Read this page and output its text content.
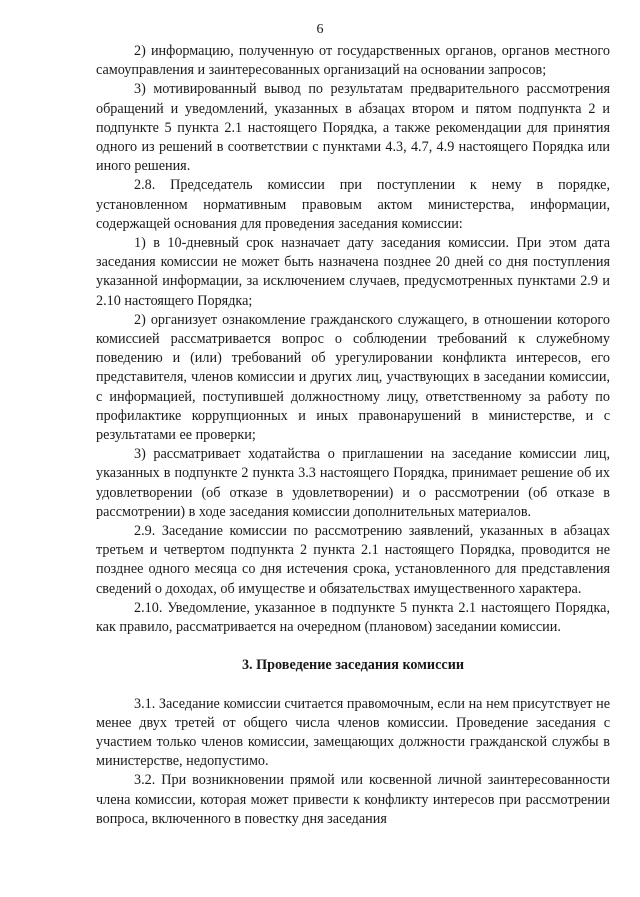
6

2) информацию, полученную от государственных органов, органов местного самоуправления и заинтересованных организаций на основании запросов;

3) мотивированный вывод по результатам предварительного рассмотрения обращений и уведомлений, указанных в абзацах втором и пятом подпункта 2 и подпункте 5 пункта 2.1 настоящего Порядка, а также рекомендации для принятия одного из решений в соответствии с пунктами 4.3, 4.7, 4.9 настоящего Порядка или иного решения.

2.8. Председатель комиссии при поступлении к нему в порядке, установленном нормативным правовым актом министерства, информации, содержащей основания для проведения заседания комиссии:

1) в 10-дневный срок назначает дату заседания комиссии. При этом дата заседания комиссии не может быть назначена позднее 20 дней со дня поступления указанной информации, за исключением случаев, предусмотренных пунктами 2.9 и 2.10 настоящего Порядка;

2) организует ознакомление гражданского служащего, в отношении которого комиссией рассматривается вопрос о соблюдении требований к служебному поведению и (или) требований об урегулировании конфликта интересов, его представителя, членов комиссии и других лиц, участвующих в заседании комиссии, с информацией, поступившей должностному лицу, ответственному за работу по профилактике коррупционных и иных правонарушений в министерстве, и с результатами ее проверки;

3) рассматривает ходатайства о приглашении на заседание комиссии лиц, указанных в подпункте 2 пункта 3.3 настоящего Порядка, принимает решение об их удовлетворении (об отказе в удовлетворении) и о рассмотрении (об отказе в рассмотрении) в ходе заседания комиссии дополнительных материалов.

2.9. Заседание комиссии по рассмотрению заявлений, указанных в абзацах третьем и четвертом подпункта 2 пункта 2.1 настоящего Порядка, проводится не позднее одного месяца со дня истечения срока, установленного для представления сведений о доходах, об имуществе и обязательствах имущественного характера.

2.10. Уведомление, указанное в подпункте 5 пункта 2.1 настоящего Порядка, как правило, рассматривается на очередном (плановом) заседании комиссии.

3. Проведение заседания комиссии

3.1. Заседание комиссии считается правомочным, если на нем присутствует не менее двух третей от общего числа членов комиссии. Проведение заседания с участием только членов комиссии, замещающих должности гражданской службы в министерстве, недопустимо.

3.2. При возникновении прямой или косвенной личной заинтересованности члена комиссии, которая может привести к конфликту интересов при рассмотрении вопроса, включенного в повестку дня заседания
